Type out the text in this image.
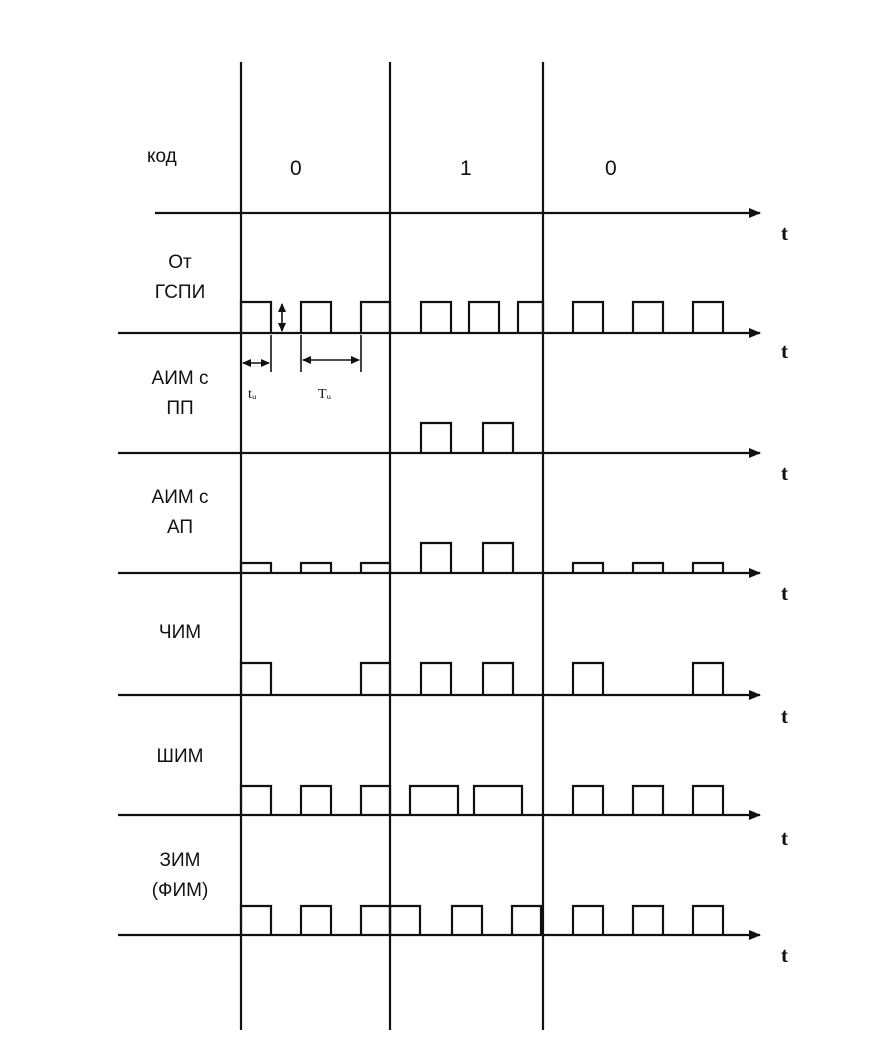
код
0	1	0
t
От
ГСПИ
АИМ с
ПП
АИМ с
АП
ЧИМ
ШИМ
ЗИМ
(ФИМ)
t
t
t
t
t
t
tᵤ	Tᵤ
